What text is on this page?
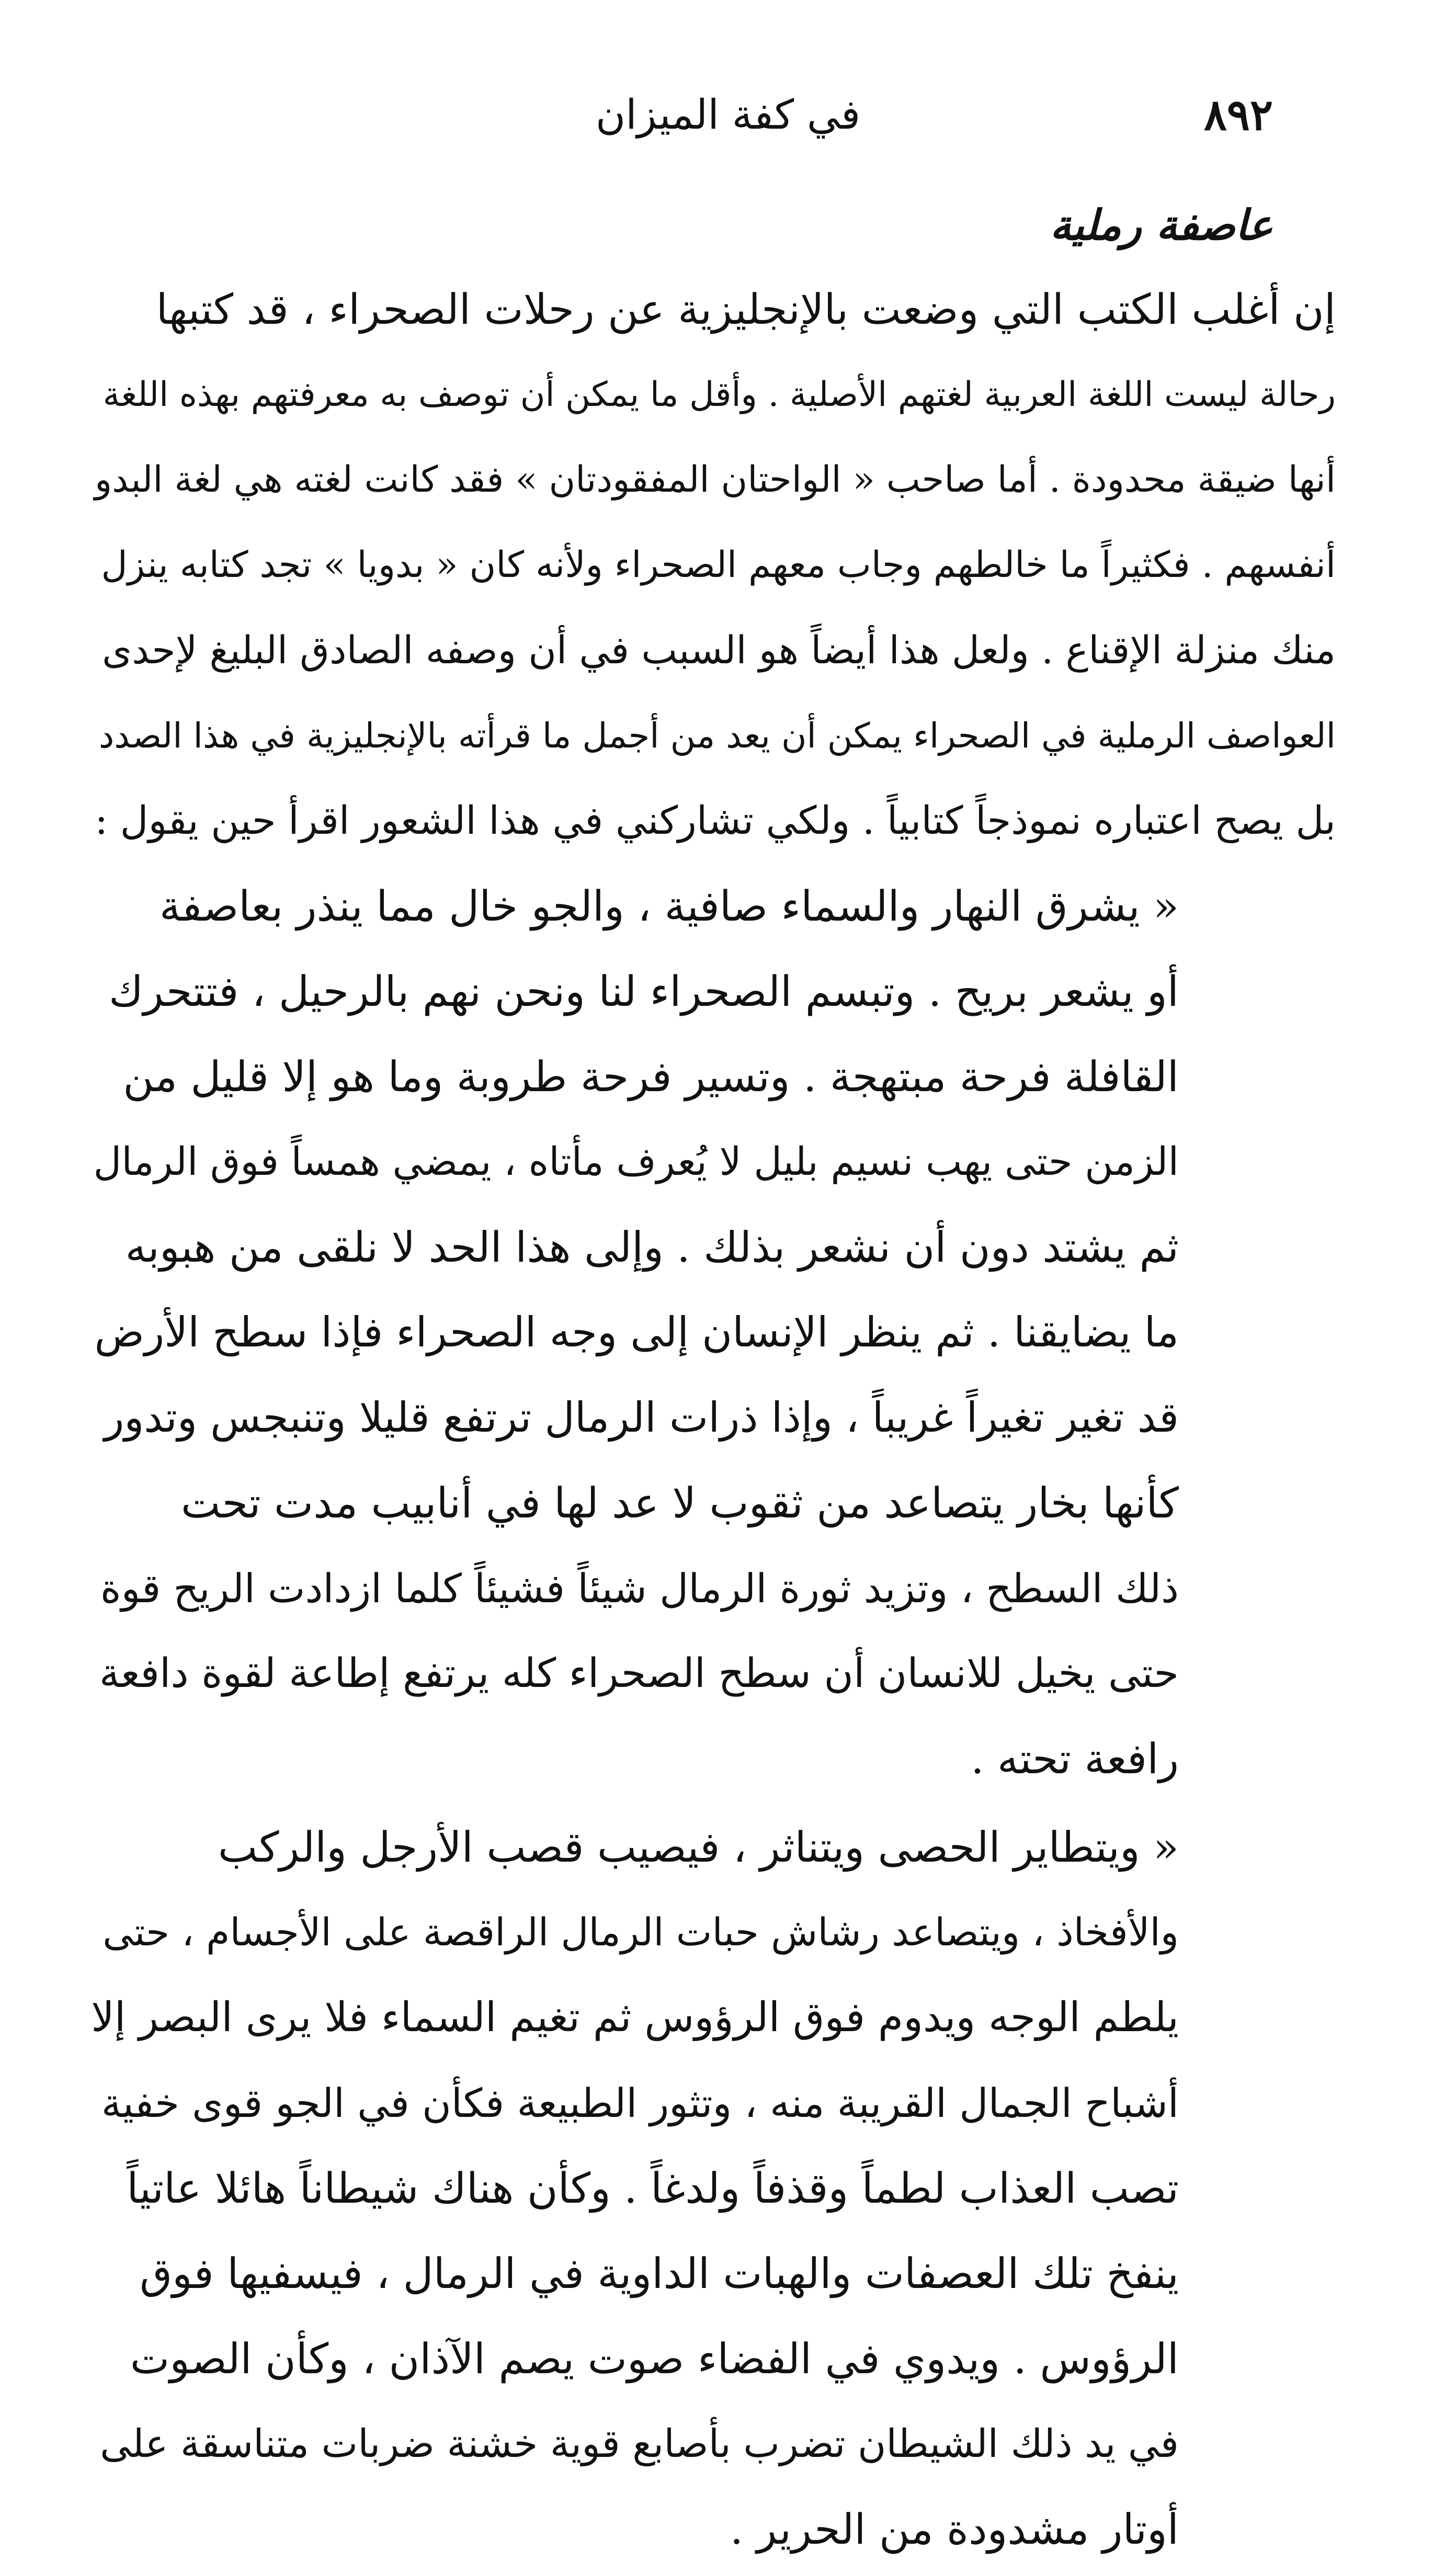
٨٩٢
في كفة الميزان
عاصفة رملية

إن أغلب الكتب التي وضعت بالإنجليزية عن رحلات الصحراء ، قد كتبها
رحالة ليست اللغة العربية لغتهم الأصلية . وأقل ما يمكن أن توصف به معرفتهم بهذه اللغة
أنها ضيقة محدودة . أما صاحب « الواحتان المفقودتان » فقد كانت لغته هي لغة البدو
أنفسهم . فكثيراً ما خالطهم وجاب معهم الصحراء ولأنه كان « بدويا » تجد كتابه ينزل
منك منزلة الإقناع . ولعل هذا أيضاً هو السبب في أن وصفه الصادق البليغ لإحدى
العواصف الرملية في الصحراء يمكن أن يعد من أجمل ما قرأته بالإنجليزية في هذا الصدد
بل يصح اعتباره نموذجاً كتابياً . ولكي تشاركني في هذا الشعور اقرأ حين يقول :

« يشرق النهار والسماء صافية ، والجو خال مما ينذر بعاصفة
أو يشعر بريح . وتبسم الصحراء لنا ونحن نهم بالرحيل ، فتتحرك
القافلة فرحة مبتهجة . وتسير فرحة طروبة وما هو إلا قليل من
الزمن حتى يهب نسيم بليل لا يُعرف مأتاه ، يمضي همساً فوق الرمال
ثم يشتد دون أن نشعر بذلك . وإلى هذا الحد لا نلقى من هبوبه
ما يضايقنا . ثم ينظر الإنسان إلى وجه الصحراء فإذا سطح الأرض
قد تغير تغيراً غريباً ، وإذا ذرات الرمال ترتفع قليلا وتنبجس وتدور
كأنها بخار يتصاعد من ثقوب لا عد لها في أنابيب مدت تحت
ذلك السطح ، وتزيد ثورة الرمال شيئاً فشيئاً كلما ازدادت الريح قوة
حتى يخيل للانسان أن سطح الصحراء كله يرتفع إطاعة لقوة دافعة
رافعة تحته .

« ويتطاير الحصى ويتناثر ، فيصيب قصب الأرجل والركب
والأفخاذ ، ويتصاعد رشاش حبات الرمال الراقصة على الأجسام ، حتى
يلطم الوجه ويدوم فوق الرؤوس ثم تغيم السماء فلا يرى البصر إلا
أشباح الجمال القريبة منه ، وتثور الطبيعة فكأن في الجو قوى خفية
تصب العذاب لطماً وقذفاً ولدغاً . وكأن هناك شيطاناً هائلا عاتياً
ينفخ تلك العصفات والهبات الداوية في الرمال ، فيسفيها فوق
الرؤوس . ويدوي في الفضاء صوت يصم الآذان ، وكأن الصوت
في يد ذلك الشيطان تضرب بأصابع قوية خشنة ضربات متناسقة على
أوتار مشدودة من الحرير .
